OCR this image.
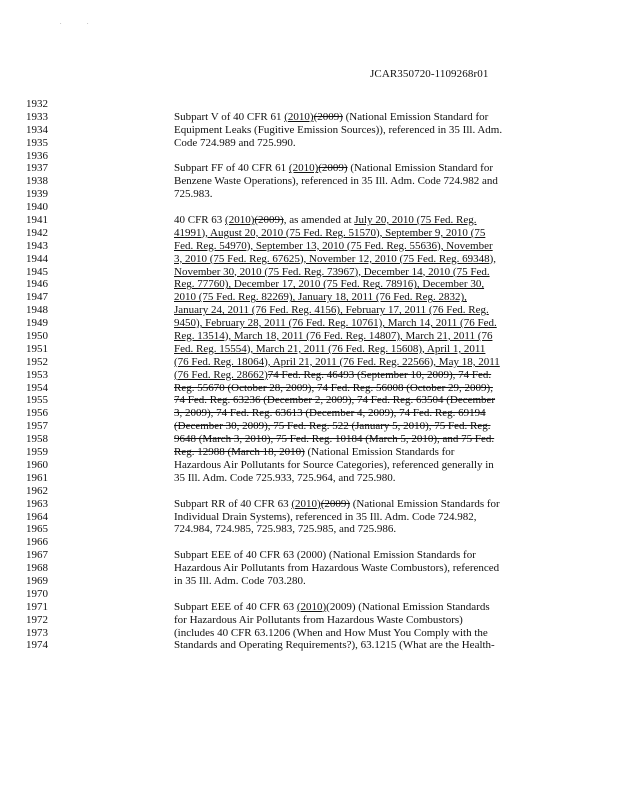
. .
JCAR350720-1109268r01
1932
1933
1934
1935
1936
1937
1938
1939
1940
1941
1942
1943
1944
1945
1946
1947
1948
1949
1950
1951
1952
1953
1954
1955
1956
1957
1958
1959
1960
1961
1962
1963
1964
1965
1966
1967
1968
1969
1970
1971
1972
1973
1974
Subpart V of 40 CFR 61 (2010)(2009) (National Emission Standard for
Equipment Leaks (Fugitive Emission Sources)), referenced in 35 Ill. Adm.
Code 724.989 and 725.990.
Subpart FF of 40 CFR 61 (2010)(2009) (National Emission Standard for
Benzene Waste Operations), referenced in 35 Ill. Adm. Code 724.982 and
725.983.
40 CFR 63 (2010)(2009), as amended at July 20, 2010 (75 Fed. Reg.
41991), August 20, 2010 (75 Fed. Reg. 51570), September 9, 2010 (75
Fed. Reg. 54970), September 13, 2010 (75 Fed. Reg. 55636), November
3, 2010 (75 Fed. Reg. 67625), November 12, 2010 (75 Fed. Reg. 69348),
November 30, 2010 (75 Fed. Reg. 73967), December 14, 2010 (75 Fed.
Reg. 77760), December 17, 2010 (75 Fed. Reg. 78916), December 30,
2010 (75 Fed. Reg. 82269), January 18, 2011 (76 Fed. Reg. 2832),
January 24, 2011 (76 Fed. Reg. 4156), February 17, 2011 (76 Fed. Reg.
9450), February 28, 2011 (76 Fed. Reg. 10761), March 14, 2011 (76 Fed.
Reg. 13514), March 18, 2011 (76 Fed. Reg. 14807), March 21, 2011 (76
Fed. Reg. 15554), March 21, 2011 (76 Fed. Reg. 15608), April 1, 2011
(76 Fed. Reg. 18064), April 21, 2011 (76 Fed. Reg. 22566), May 18, 2011
(76 Fed. Reg. 28662)74 Fed. Reg. 46493 (September 10, 2009), 74 Fed.
Reg. 55670 (October 28, 2009), 74 Fed. Reg. 56008 (October 29, 2009),
74 Fed. Reg. 63236 (December 2, 2009), 74 Fed. Reg. 63504 (December
3, 2009), 74 Fed. Reg. 63613 (December 4, 2009), 74 Fed. Reg. 69194
(December 30, 2009), 75 Fed. Reg. 522 (January 5, 2010), 75 Fed. Reg.
9648 (March 3, 2010), 75 Fed. Reg. 10184 (March 5, 2010), and 75 Fed.
Reg. 12988 (March 18, 2010) (National Emission Standards for
Hazardous Air Pollutants for Source Categories), referenced generally in
35 Ill. Adm. Code 725.933, 725.964, and 725.980.
Subpart RR of 40 CFR 63 (2010)(2009) (National Emission Standards for
Individual Drain Systems), referenced in 35 Ill. Adm. Code 724.982,
724.984, 724.985, 725.983, 725.985, and 725.986.
Subpart EEE of 40 CFR 63 (2000) (National Emission Standards for
Hazardous Air Pollutants from Hazardous Waste Combustors), referenced
in 35 Ill. Adm. Code 703.280.
Subpart EEE of 40 CFR 63 (2010)(2009) (National Emission Standards
for Hazardous Air Pollutants from Hazardous Waste Combustors)
(includes 40 CFR 63.1206 (When and How Must You Comply with the
Standards and Operating Requirements?), 63.1215 (What are the Health-
